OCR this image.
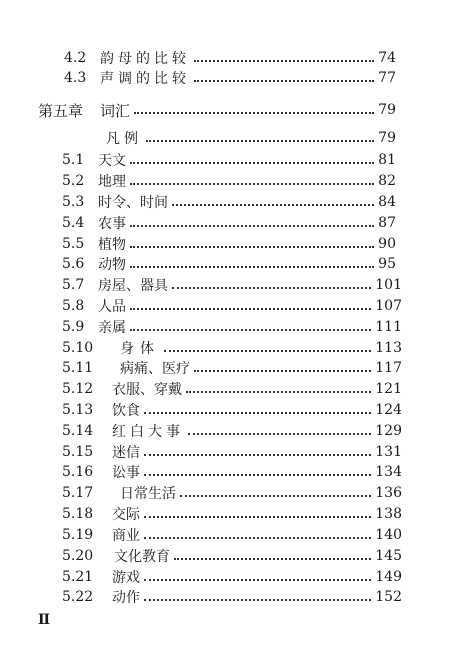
4.2 韵母的比较	74
4.3 声调的比较	77
第五章	词汇	79
凡例	79
5.1 天文	81
5.2 地理	82
5.3 时令、时间	84
5.4 农事	87
5.5 植物	90
5.6 动物	95
5.7 房屋、器具	101
5.8 人品	107
5.9 亲属	111
5.10	身体	113
5.11	病痛、医疗	117
5.12	衣服、穿戴	121
5.13	饮食	124
5.14	红白大事	129
5.15	迷信	131
5.16	讼事	134
5.17	日常生活	136
5.18	交际	138
5.19	商业	140
5.20	文化教育	145
5.21	游戏	149
5.22	动作	152
II
